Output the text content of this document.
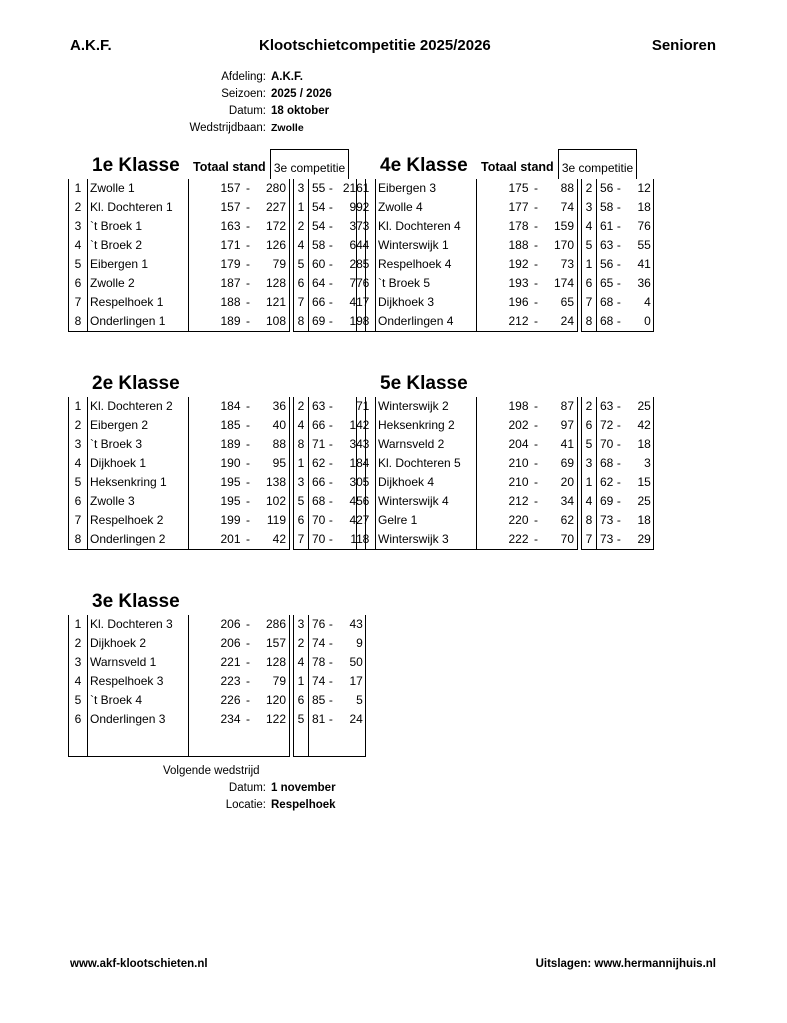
A.K.F.	Klootschietcompetitie 2025/2026	Senioren
Afdeling: A.K.F.
Seizoen: 2025 / 2026
Datum: 18 oktober
Wedstrijdbaan: Zwolle
1e Klasse Totaal stand 3e competitie
1	Zwolle 1	157	-	280		3	55	-	216
2	Kl. Dochteren 1	157	-	227		1	54	-	99
3	`t Broek 1	163	-	172		2	54	-	37
4	`t Broek 2	171	-	126		4	58	-	64
5	Eibergen 1	179	-	79		5	60	-	28
6	Zwolle 2	187	-	128		6	64	-	77
7	Respelhoek 1	188	-	121		7	66	-	41
8	Onderlingen 1	189	-	108		8	69	-	19
4e Klasse Totaal stand 3e competitie
1	Eibergen 3	175	-	88		2	56	-	12
2	Zwolle 4	177	-	74		3	58	-	18
3	Kl. Dochteren 4	178	-	159		4	61	-	76
4	Winterswijk 1	188	-	170		5	63	-	55
5	Respelhoek 4	192	-	73		1	56	-	41
6	`t Broek 5	193	-	174		6	65	-	36
7	Dijkhoek 3	196	-	65		7	68	-	4
8	Onderlingen 4	212	-	24		8	68	-	0
2e Klasse
1	Kl. Dochteren 2	184	-	36		2	63	-	7
2	Eibergen 2	185	-	40		4	66	-	14
3	`t Broek 3	189	-	88		8	71	-	34
4	Dijkhoek 1	190	-	95		1	62	-	18
5	Heksenkring 1	195	-	138		3	66	-	30
6	Zwolle 3	195	-	102		5	68	-	45
7	Respelhoek 2	199	-	119		6	70	-	42
8	Onderlingen 2	201	-	42		7	70	-	11
5e Klasse
1	Winterswijk 2	198	-	87		2	63	-	25
2	Heksenkring 2	202	-	97		6	72	-	42
3	Warnsveld 2	204	-	41		5	70	-	18
4	Kl. Dochteren 5	210	-	69		3	68	-	3
5	Dijkhoek 4	210	-	20		1	62	-	15
6	Winterswijk 4	212	-	34		4	69	-	25
7	Gelre 1	220	-	62		8	73	-	18
8	Winterswijk 3	222	-	70		7	73	-	29
3e Klasse
1	Kl. Dochteren 3	206	-	286		3	76	-	43
2	Dijkhoek 2	206	-	157		2	74	-	9
3	Warnsveld 1	221	-	128		4	78	-	50
4	Respelhoek 3	223	-	79		1	74	-	17
5	`t Broek 4	226	-	120		6	85	-	5
6	Onderlingen 3	234	-	122		5	81	-	24

Volgende wedstrijd
Datum: 1 november
Locatie: Respelhoek
www.akf-klootschieten.nl	Uitslagen: www.hermannijhuis.nl
